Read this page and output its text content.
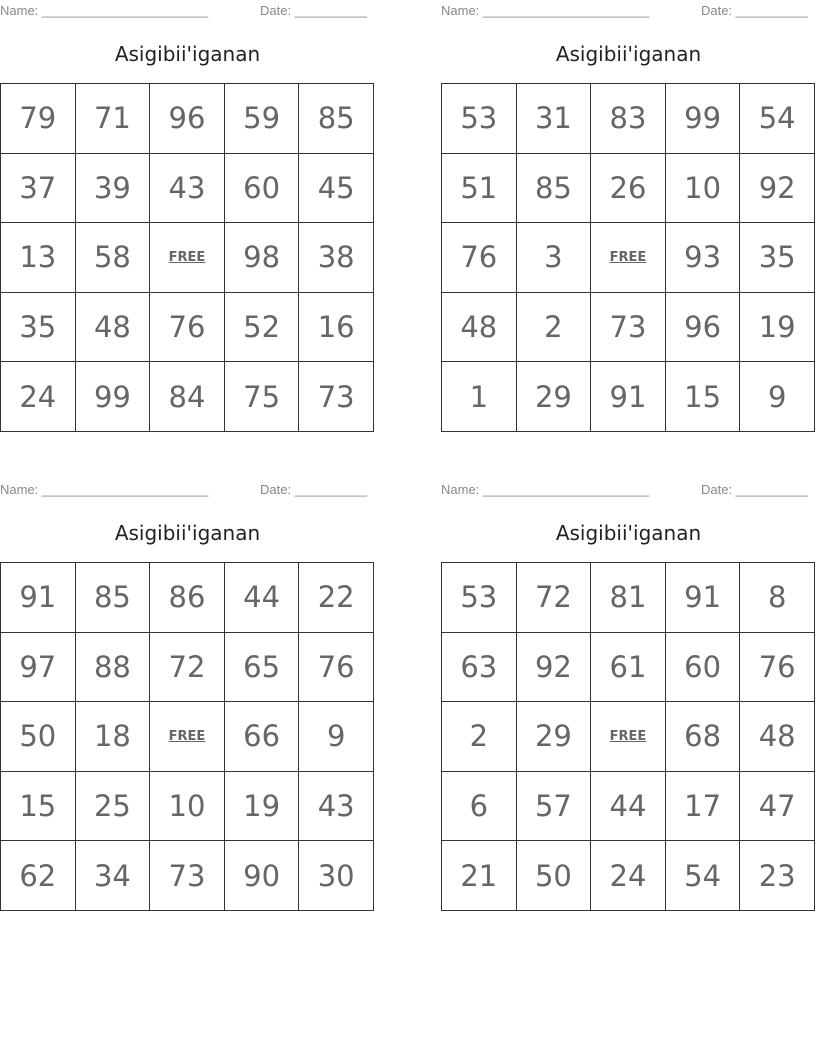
Name: _______________________	Date: __________
Asigibii'iganan
79	71	96	59	85
37	39	43	60	45
13	58	FREE	98	38
35	48	76	52	16
24	99	84	75	73
Name: _______________________	Date: __________
Asigibii'iganan
53	31	83	99	54
51	85	26	10	92
76	3	FREE	93	35
48	2	73	96	19
1	29	91	15	9
Name: _______________________	Date: __________
Asigibii'iganan
91	85	86	44	22
97	88	72	65	76
50	18	FREE	66	9
15	25	10	19	43
62	34	73	90	30
Name: _______________________	Date: __________
Asigibii'iganan
53	72	81	91	8
63	92	61	60	76
2	29	FREE	68	48
6	57	44	17	47
21	50	24	54	23
